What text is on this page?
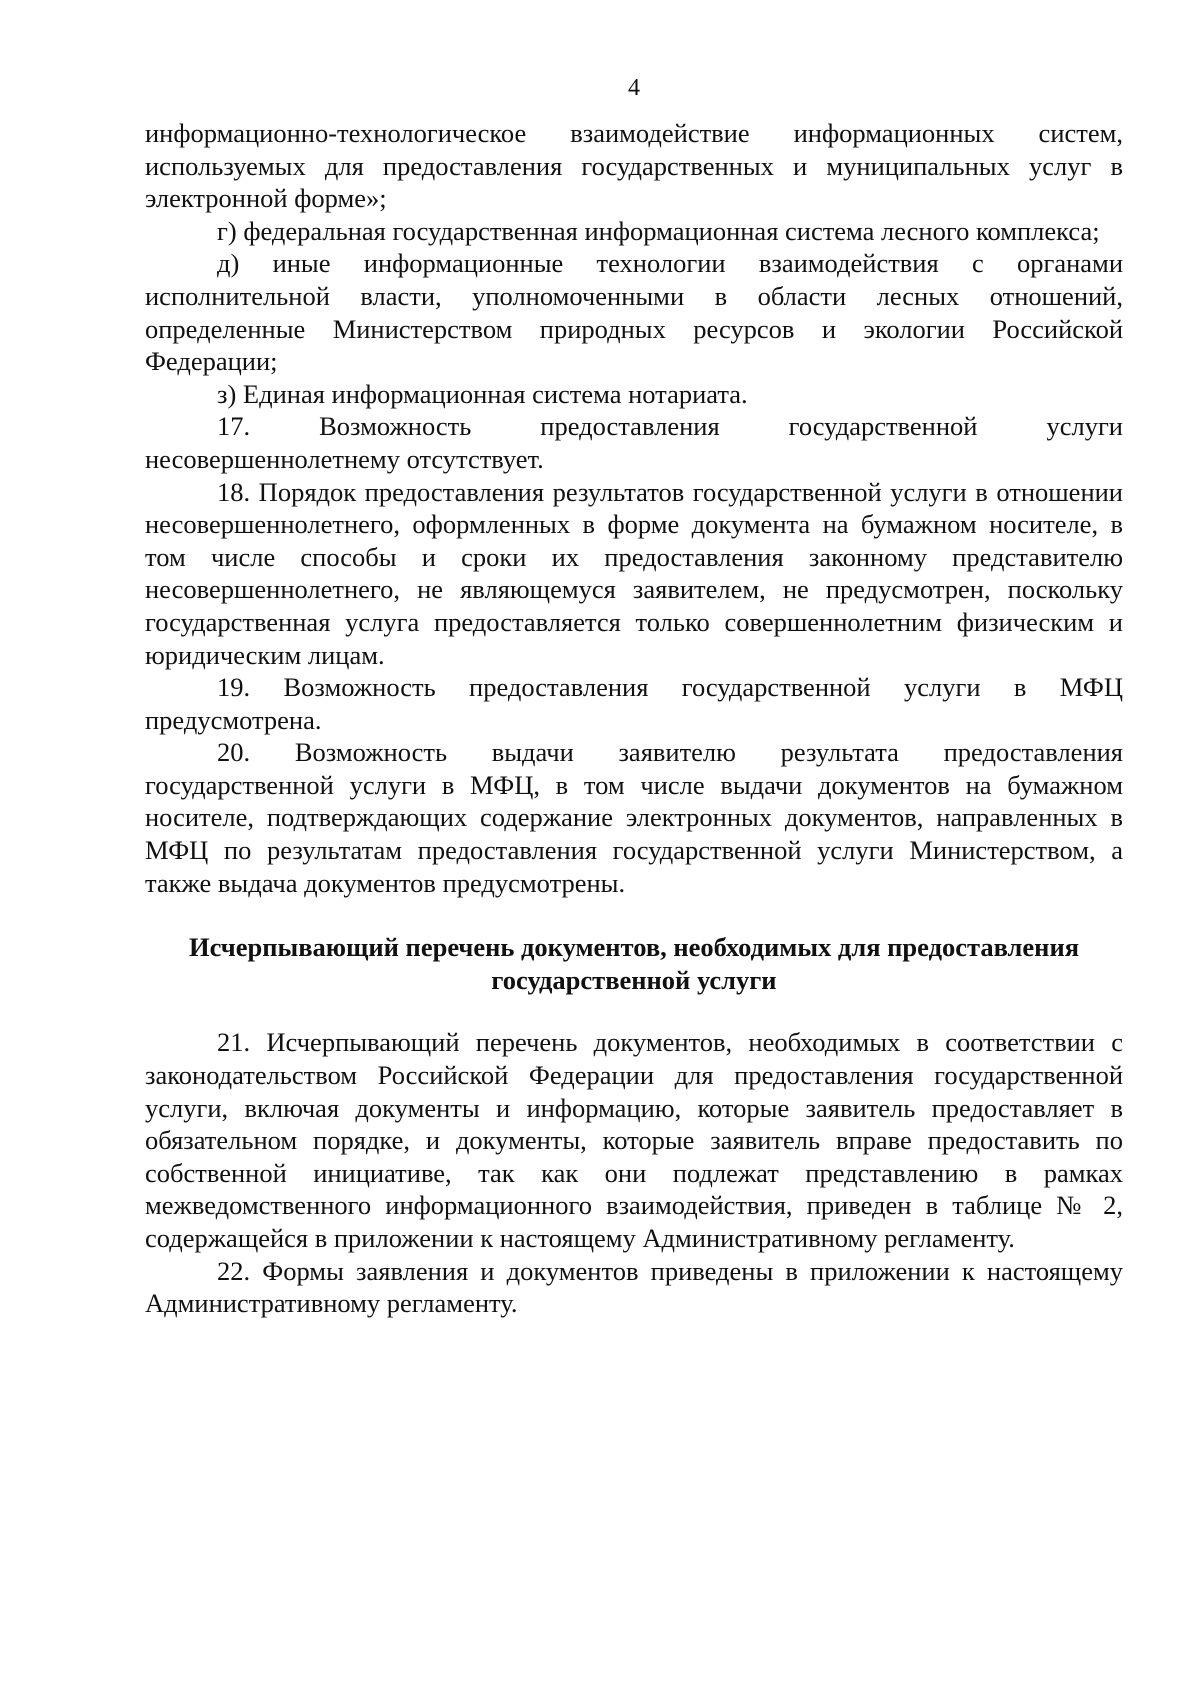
4

информационно-технологическое взаимодействие информационных систем, используемых для предоставления государственных и муниципальных услуг в электронной форме»;

г) федеральная государственная информационная система лесного комплекса;

д) иные информационные технологии взаимодействия с органами исполнительной власти, уполномоченными в области лесных отношений, определенные Министерством природных ресурсов и экологии Российской Федерации;

з) Единая информационная система нотариата.

17. Возможность предоставления государственной услуги несовершеннолетнему отсутствует.

18. Порядок предоставления результатов государственной услуги в отношении несовершеннолетнего, оформленных в форме документа на бумажном носителе, в том числе способы и сроки их предоставления законному представителю несовершеннолетнего, не являющемуся заявителем, не предусмотрен, поскольку государственная услуга предоставляется только совершеннолетним физическим и юридическим лицам.

19. Возможность предоставления государственной услуги в МФЦ предусмотрена.

20. Возможность выдачи заявителю результата предоставления государственной услуги в МФЦ, в том числе выдачи документов на бумажном носителе, подтверждающих содержание электронных документов, направленных в МФЦ по результатам предоставления государственной услуги Министерством, а также выдача документов предусмотрены.

Исчерпывающий перечень документов, необходимых для предоставления государственной услуги

21. Исчерпывающий перечень документов, необходимых в соответствии с законодательством Российской Федерации для предоставления государственной услуги, включая документы и информацию, которые заявитель предоставляет в обязательном порядке, и документы, которые заявитель вправе предоставить по собственной инициативе, так как они подлежат представлению в рамках межведомственного информационного взаимодействия, приведен в таблице № 2, содержащейся в приложении к настоящему Административному регламенту.

22. Формы заявления и документов приведены в приложении к настоящему Административному регламенту.
